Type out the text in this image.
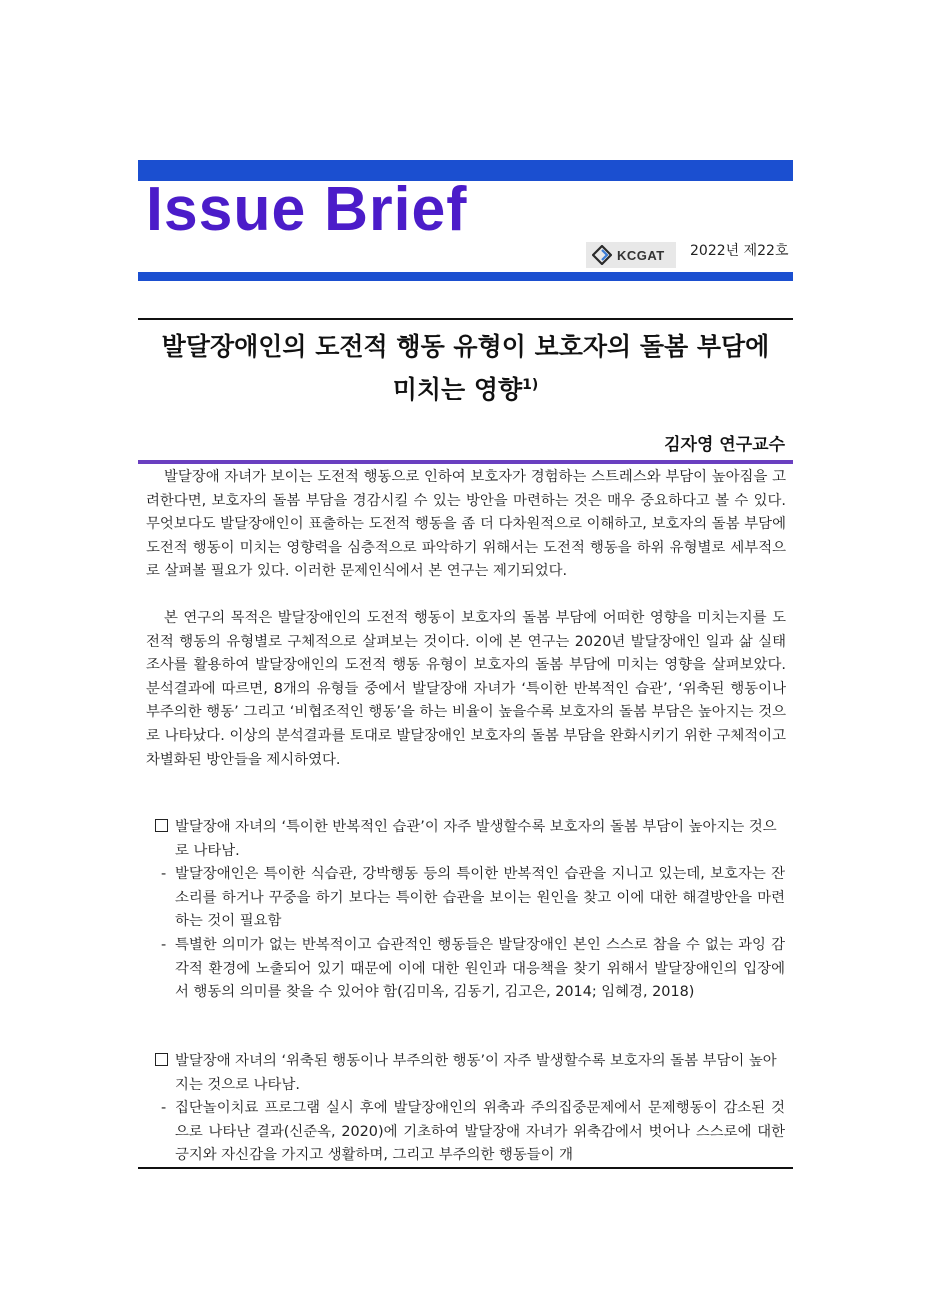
Issue Brief
KCGAT 2022년 제22호
발달장애인의 도전적 행동 유형이 보호자의 돌봄 부담에
미치는 영향$^{1)}$
김자영 연구교수
발달장애 자녀가 보이는 도전적 행동으로 인하여 보호자가 경험하는 스트레스와 부담이 높아짐을 고려한다면, 보호자의 돌봄 부담을 경감시킬 수 있는 방안을 마련하는 것은 매우 중요하다고 볼 수 있다. 무엇보다도 발달장애인이 표출하는 도전적 행동을 좀 더 다차원적으로 이해하고, 보호자의 돌봄 부담에 도전적 행동이 미치는 영향력을 심층적으로 파악하기 위해서는 도전적 행동을 하위 유형별로 세부적으로 살펴볼 필요가 있다. 이러한 문제인식에서 본 연구는 제기되었다.
본 연구의 목적은 발달장애인의 도전적 행동이 보호자의 돌봄 부담에 어떠한 영향을 미치는지를 도전적 행동의 유형별로 구체적으로 살펴보는 것이다. 이에 본 연구는 2020년 발달장애인 일과 삶 실태조사를 활용하여 발달장애인의 도전적 행동 유형이 보호자의 돌봄 부담에 미치는 영향을 살펴보았다. 분석결과에 따르면, 8개의 유형들 중에서 발달장애 자녀가 ‘특이한 반복적인 습관’, ‘위축된 행동이나 부주의한 행동’ 그리고 ‘비협조적인 행동’을 하는 비율이 높을수록 보호자의 돌봄 부담은 높아지는 것으로 나타났다. 이상의 분석결과를 토대로 발달장애인 보호자의 돌봄 부담을 완화시키기 위한 구체적이고 차별화된 방안들을 제시하였다.
발달장애 자녀의 ‘특이한 반복적인 습관’이 자주 발생할수록 보호자의 돌봄 부담이 높아지는 것으로 나타남.
- 발달장애인은 특이한 식습관, 강박행동 등의 특이한 반복적인 습관을 지니고 있는데, 보호자는 잔소리를 하거나 꾸중을 하기 보다는 특이한 습관을 보이는 원인을 찾고 이에 대한 해결방안을 마련하는 것이 필요함
- 특별한 의미가 없는 반복적이고 습관적인 행동들은 발달장애인 본인 스스로 참을 수 없는 과잉 감각적 환경에 노출되어 있기 때문에 이에 대한 원인과 대응책을 찾기 위해서 발달장애인의 입장에서 행동의 의미를 찾을 수 있어야 함(김미옥, 김동기, 김고은, 2014; 임혜경, 2018)
발달장애 자녀의 ‘위축된 행동이나 부주의한 행동’이 자주 발생할수록 보호자의 돌봄 부담이 높아지는 것으로 나타남.
- 집단놀이치료 프로그램 실시 후에 발달장애인의 위축과 주의집중문제에서 문제행동이 감소된 것으로 나타난 결과(신준옥, 2020)에 기초하여 발달장애 자녀가 위축감에서 벗어나 스스로에 대한 긍지와 자신감을 가지고 생활하며, 그리고 부주의한 행동들이 개
